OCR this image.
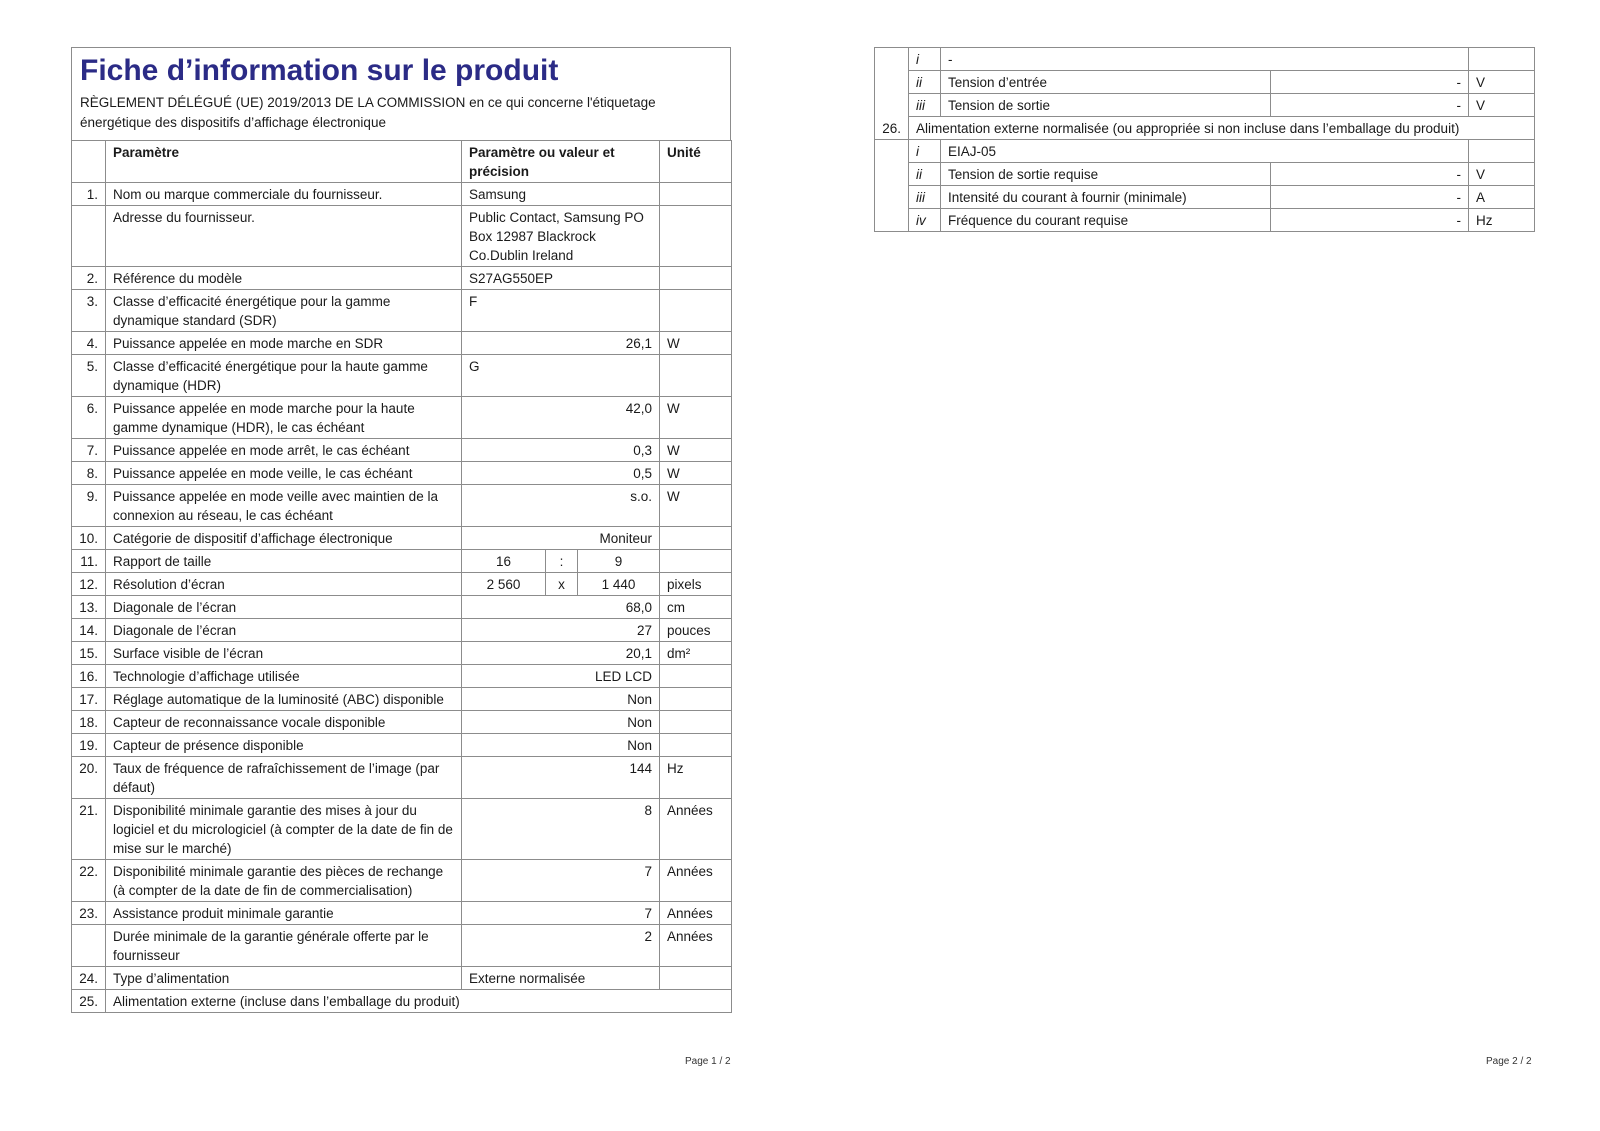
Fiche d’information sur le produit
RÈGLEMENT DÉLÉGUÉ (UE) 2019/2013 DE LA COMMISSION en ce qui concerne l'étiquetage énergétique des dispositifs d’affichage électronique
	Paramètre	Paramètre ou valeur et précision			Unité
1.	Nom ou marque commerciale du fournisseur.	Samsung			
	Adresse du fournisseur.	Public Contact, Samsung PO Box 12987 Blackrock Co.Dublin Ireland			
2.	Référence du modèle	S27AG550EP			
3.	Classe d’efficacité énergétique pour la gamme dynamique standard (SDR)	F			
4.	Puissance appelée en mode marche en SDR	26,1			W
5.	Classe d’efficacité énergétique pour la haute gamme dynamique (HDR)	G			
6.	Puissance appelée en mode marche pour la haute gamme dynamique (HDR), le cas échéant	42,0			W
7.	Puissance appelée en mode arrêt, le cas échéant	0,3			W
8.	Puissance appelée en mode veille, le cas échéant	0,5			W
9.	Puissance appelée en mode veille avec maintien de la connexion au réseau, le cas échéant	s.o.			W
10.	Catégorie de dispositif d’affichage électronique	Moniteur			
11.	Rapport de taille	16	:	9	
12.	Résolution d’écran	2 560	x	1 440	pixels
13.	Diagonale de l’écran	68,0			cm
14.	Diagonale de l’écran	27			pouces
15.	Surface visible de l’écran	20,1			dm²
16.	Technologie d’affichage utilisée	LED LCD			
17.	Réglage automatique de la luminosité (ABC) disponible	Non			
18.	Capteur de reconnaissance vocale disponible	Non			
19.	Capteur de présence disponible	Non			
20.	Taux de fréquence de rafraîchissement de l’image (par défaut)	144			Hz
21.	Disponibilité minimale garantie des mises à jour du logiciel et du micrologiciel (à compter de la date de fin de mise sur le marché)	8			Années
22.	Disponibilité minimale garantie des pièces de rechange (à compter de la date de fin de commercialisation)	7			Années
23.	Assistance produit minimale garantie	7			Années
	Durée minimale de la garantie générale offerte par le fournisseur	2			Années
24.	Type d’alimentation	Externe normalisée			
25.	Alimentation externe (incluse dans l’emballage du produit)				
Page 1 / 2
	i	-		
	ii	Tension d’entrée	-	V
	iii	Tension de sortie	-	V
26.	Alimentation externe normalisée (ou appropriée si non incluse dans l’emballage du produit)			
	i	EIAJ-05		
	ii	Tension de sortie requise	-	V
	iii	Intensité du courant à fournir (minimale)	-	A
	iv	Fréquence du courant requise	-	Hz
Page 2 / 2
